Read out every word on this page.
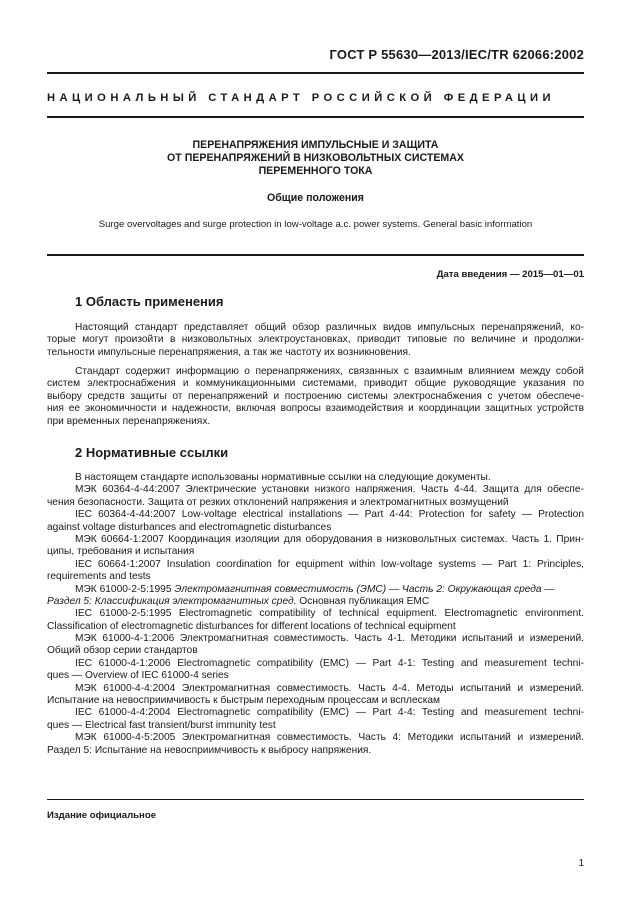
ГОСТ Р 55630—2013/IEC/TR 62066:2002
НАЦИОНАЛЬНЫЙ СТАНДАРТ РОССИЙСКОЙ ФЕДЕРАЦИИ
ПЕРЕНАПРЯЖЕНИЯ ИМПУЛЬСНЫЕ И ЗАЩИТА
ОТ ПЕРЕНАПРЯЖЕНИЙ В НИЗКОВОЛЬТНЫХ СИСТЕМАХ
ПЕРЕМЕННОГО ТОКА
Общие положения
Surge overvoltages and surge protection in low-voltage a.c. power systems. General basic information
Дата введения — 2015—01—01
1 Область применения
Настоящий стандарт представляет общий обзор различных видов импульсных перенапряжений, ко-
торые могут произойти в низковольтных электроустановках, приводит типовые по величине и продолжи-
тельности импульсные перенапряжения, а так же частоту их возникновения.
Стандарт содержит информацию о перенапряжениях, связанных с взаимным влиянием между собой
систем электроснабжения и коммуникационными системами, приводит общие руководящие указания по
выбору средств защиты от перенапряжений и построению системы электроснабжения с учетом обеспече-
ния ее экономичности и надежности, включая вопросы взаимодействия и координации защитных устройств
при временных перенапряжениях.
2 Нормативные ссылки
В настоящем стандарте использованы нормативные ссылки на следующие документы.
МЭК 60364-4-44:2007 Электрические установки низкого напряжения. Часть 4-44. Защита для обеспе-
чения безопасности. Защита от резких отклонений напряжения и электромагнитных возмущений
IEC 60364-4-44:2007 Low-voltage electrical installations — Part 4-44: Protection for safety — Protection
against voltage disturbances and electromagnetic disturbances
МЭК 60664-1:2007 Координация изоляции для оборудования в низковольтных системах. Часть 1. Прин-
ципы, требования и испытания
IEC 60664-1:2007 Insulation coordination for equipment within low-voltage systems — Part 1: Principles,
requirements and tests
МЭК 61000-2-5:1995 Электромагнитная совместимость (ЭМС) — Часть 2: Окружающая среда —
Раздел 5: Классификация электромагнитных сред. Основная публикация ЕМС
IEC 61000-2-5:1995 Electromagnetic compatibility of technical equipment. Electromagnetic environment.
Classification of electromagnetic disturbances for different locations of technical equipment
МЭК 61000-4-1:2006 Электромагнитная совместимость. Часть 4-1. Методики испытаний и измерений.
Общий обзор серии стандартов
IEC 61000-4-1:2006 Electromagnetic compatibility (EMC) — Part 4-1: Testing and measurement techni-
ques — Overview of IEC 61000-4 series
МЭК 61000-4-4:2004 Электромагнитная совместимость. Часть 4-4. Методы испытаний и измерений.
Испытание на невосприимчивость к быстрым переходным процессам и всплескам
IEC 61000-4-4:2004 Electromagnetic compatibility (EMC) — Part 4-4: Testing and measurement techni-
ques — Electrical fast transient/burst immunity test
МЭК 61000-4-5:2005 Электромагнитная совместимость. Часть 4: Методики испытаний и измерений.
Раздел 5: Испытание на невосприимчивость к выбросу напряжения.
Издание официальное
1
